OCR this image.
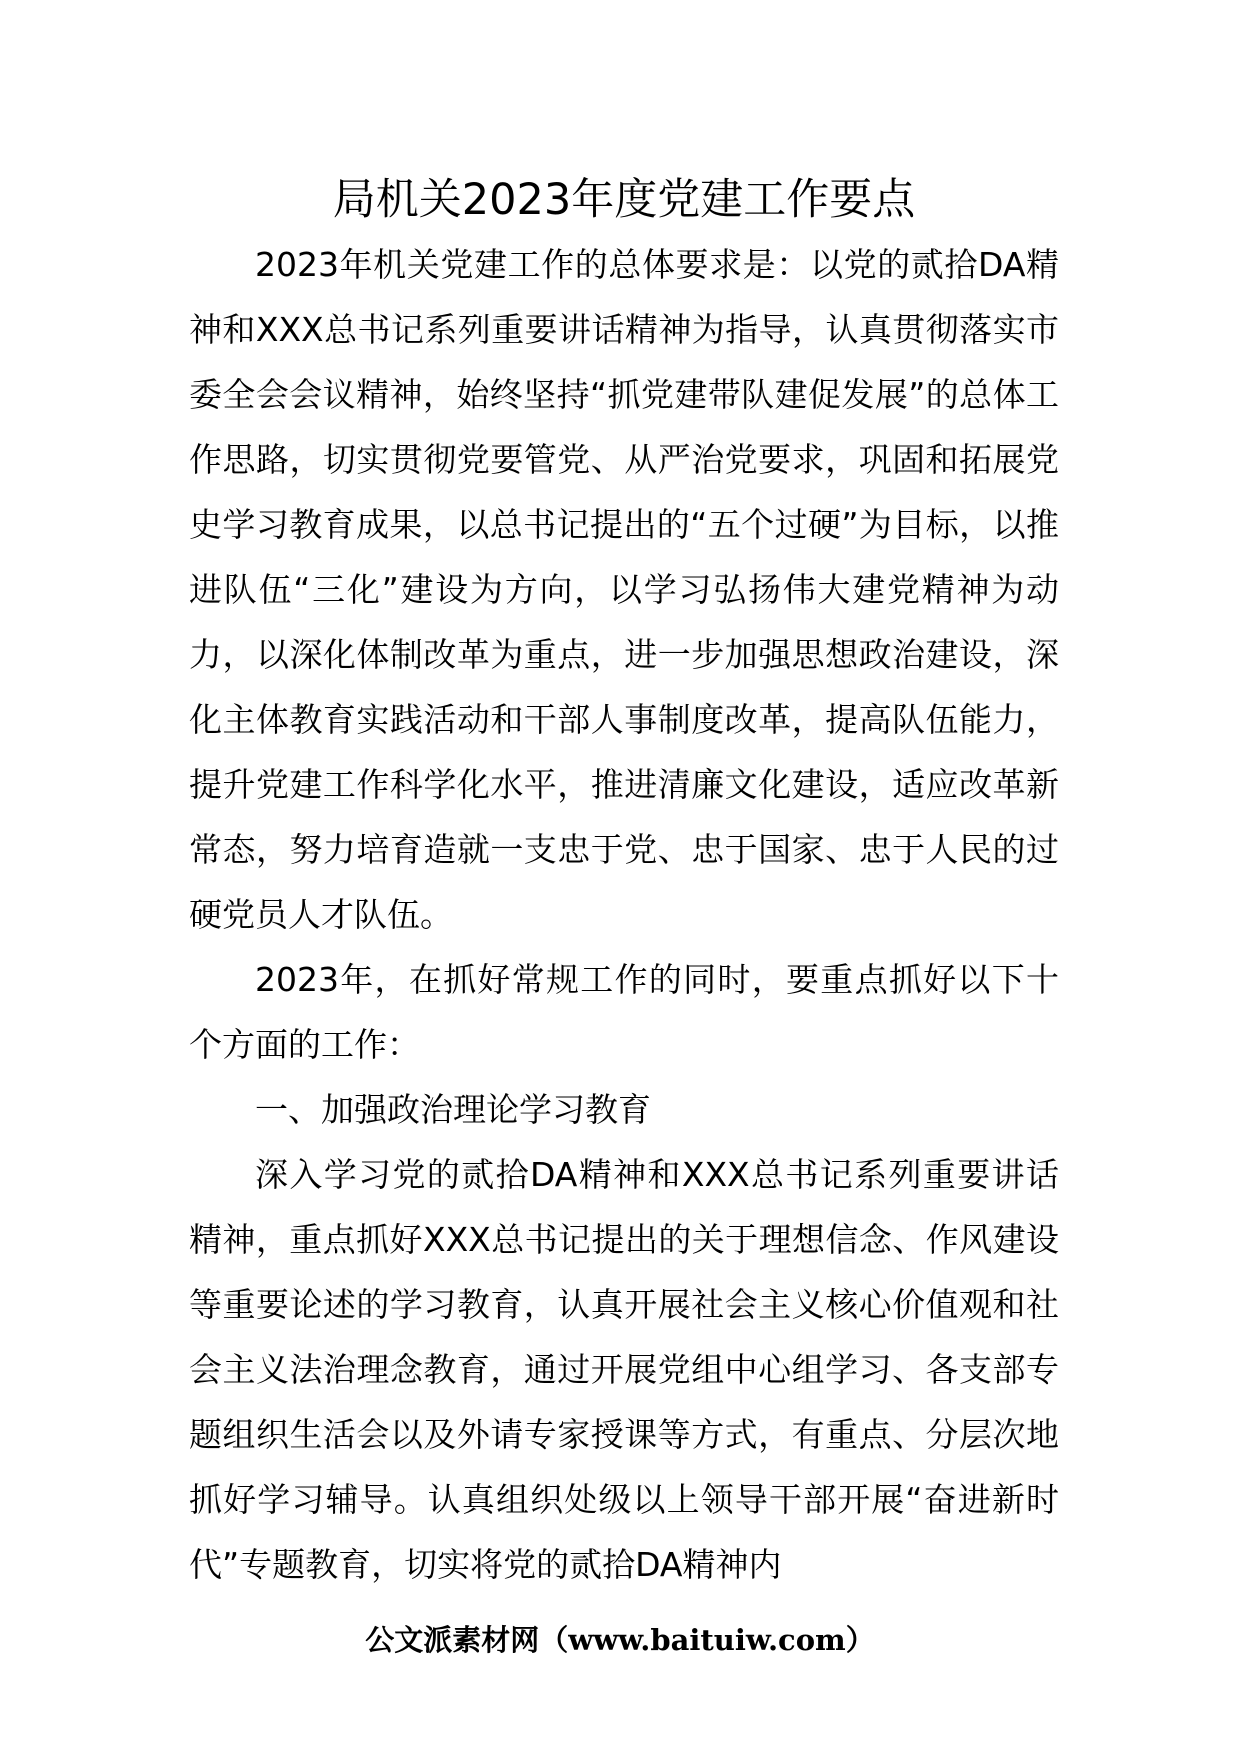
局机关2023年度党建工作要点

2023年机关党建工作的总体要求是：以党的贰拾DA精神和XXX总书记系列重要讲话精神为指导，认真贯彻落实市委全会会议精神，始终坚持“抓党建带队建促发展”的总体工作思路，切实贯彻党要管党、从严治党要求，巩固和拓展党史学习教育成果，以总书记提出的“五个过硬”为目标，以推进队伍“三化”建设为方向，以学习弘扬伟大建党精神为动力，以深化体制改革为重点，进一步加强思想政治建设，深化主体教育实践活动和干部人事制度改革，提高队伍能力，提升党建工作科学化水平，推进清廉文化建设，适应改革新常态，努力培育造就一支忠于党、忠于国家、忠于人民的过硬党员人才队伍。

2023年，在抓好常规工作的同时，要重点抓好以下十个方面的工作：

一、加强政治理论学习教育

深入学习党的贰拾DA精神和XXX总书记系列重要讲话精神，重点抓好XXX总书记提出的关于理想信念、作风建设等重要论述的学习教育，认真开展社会主义核心价值观和社会主义法治理念教育，通过开展党组中心组学习、各支部专题组织生活会以及外请专家授课等方式，有重点、分层次地抓好学习辅导。认真组织处级以上领导干部开展“奋进新时代”专题教育，切实将党的贰拾DA精神内

公文派素材网（www.baituiw.com）
